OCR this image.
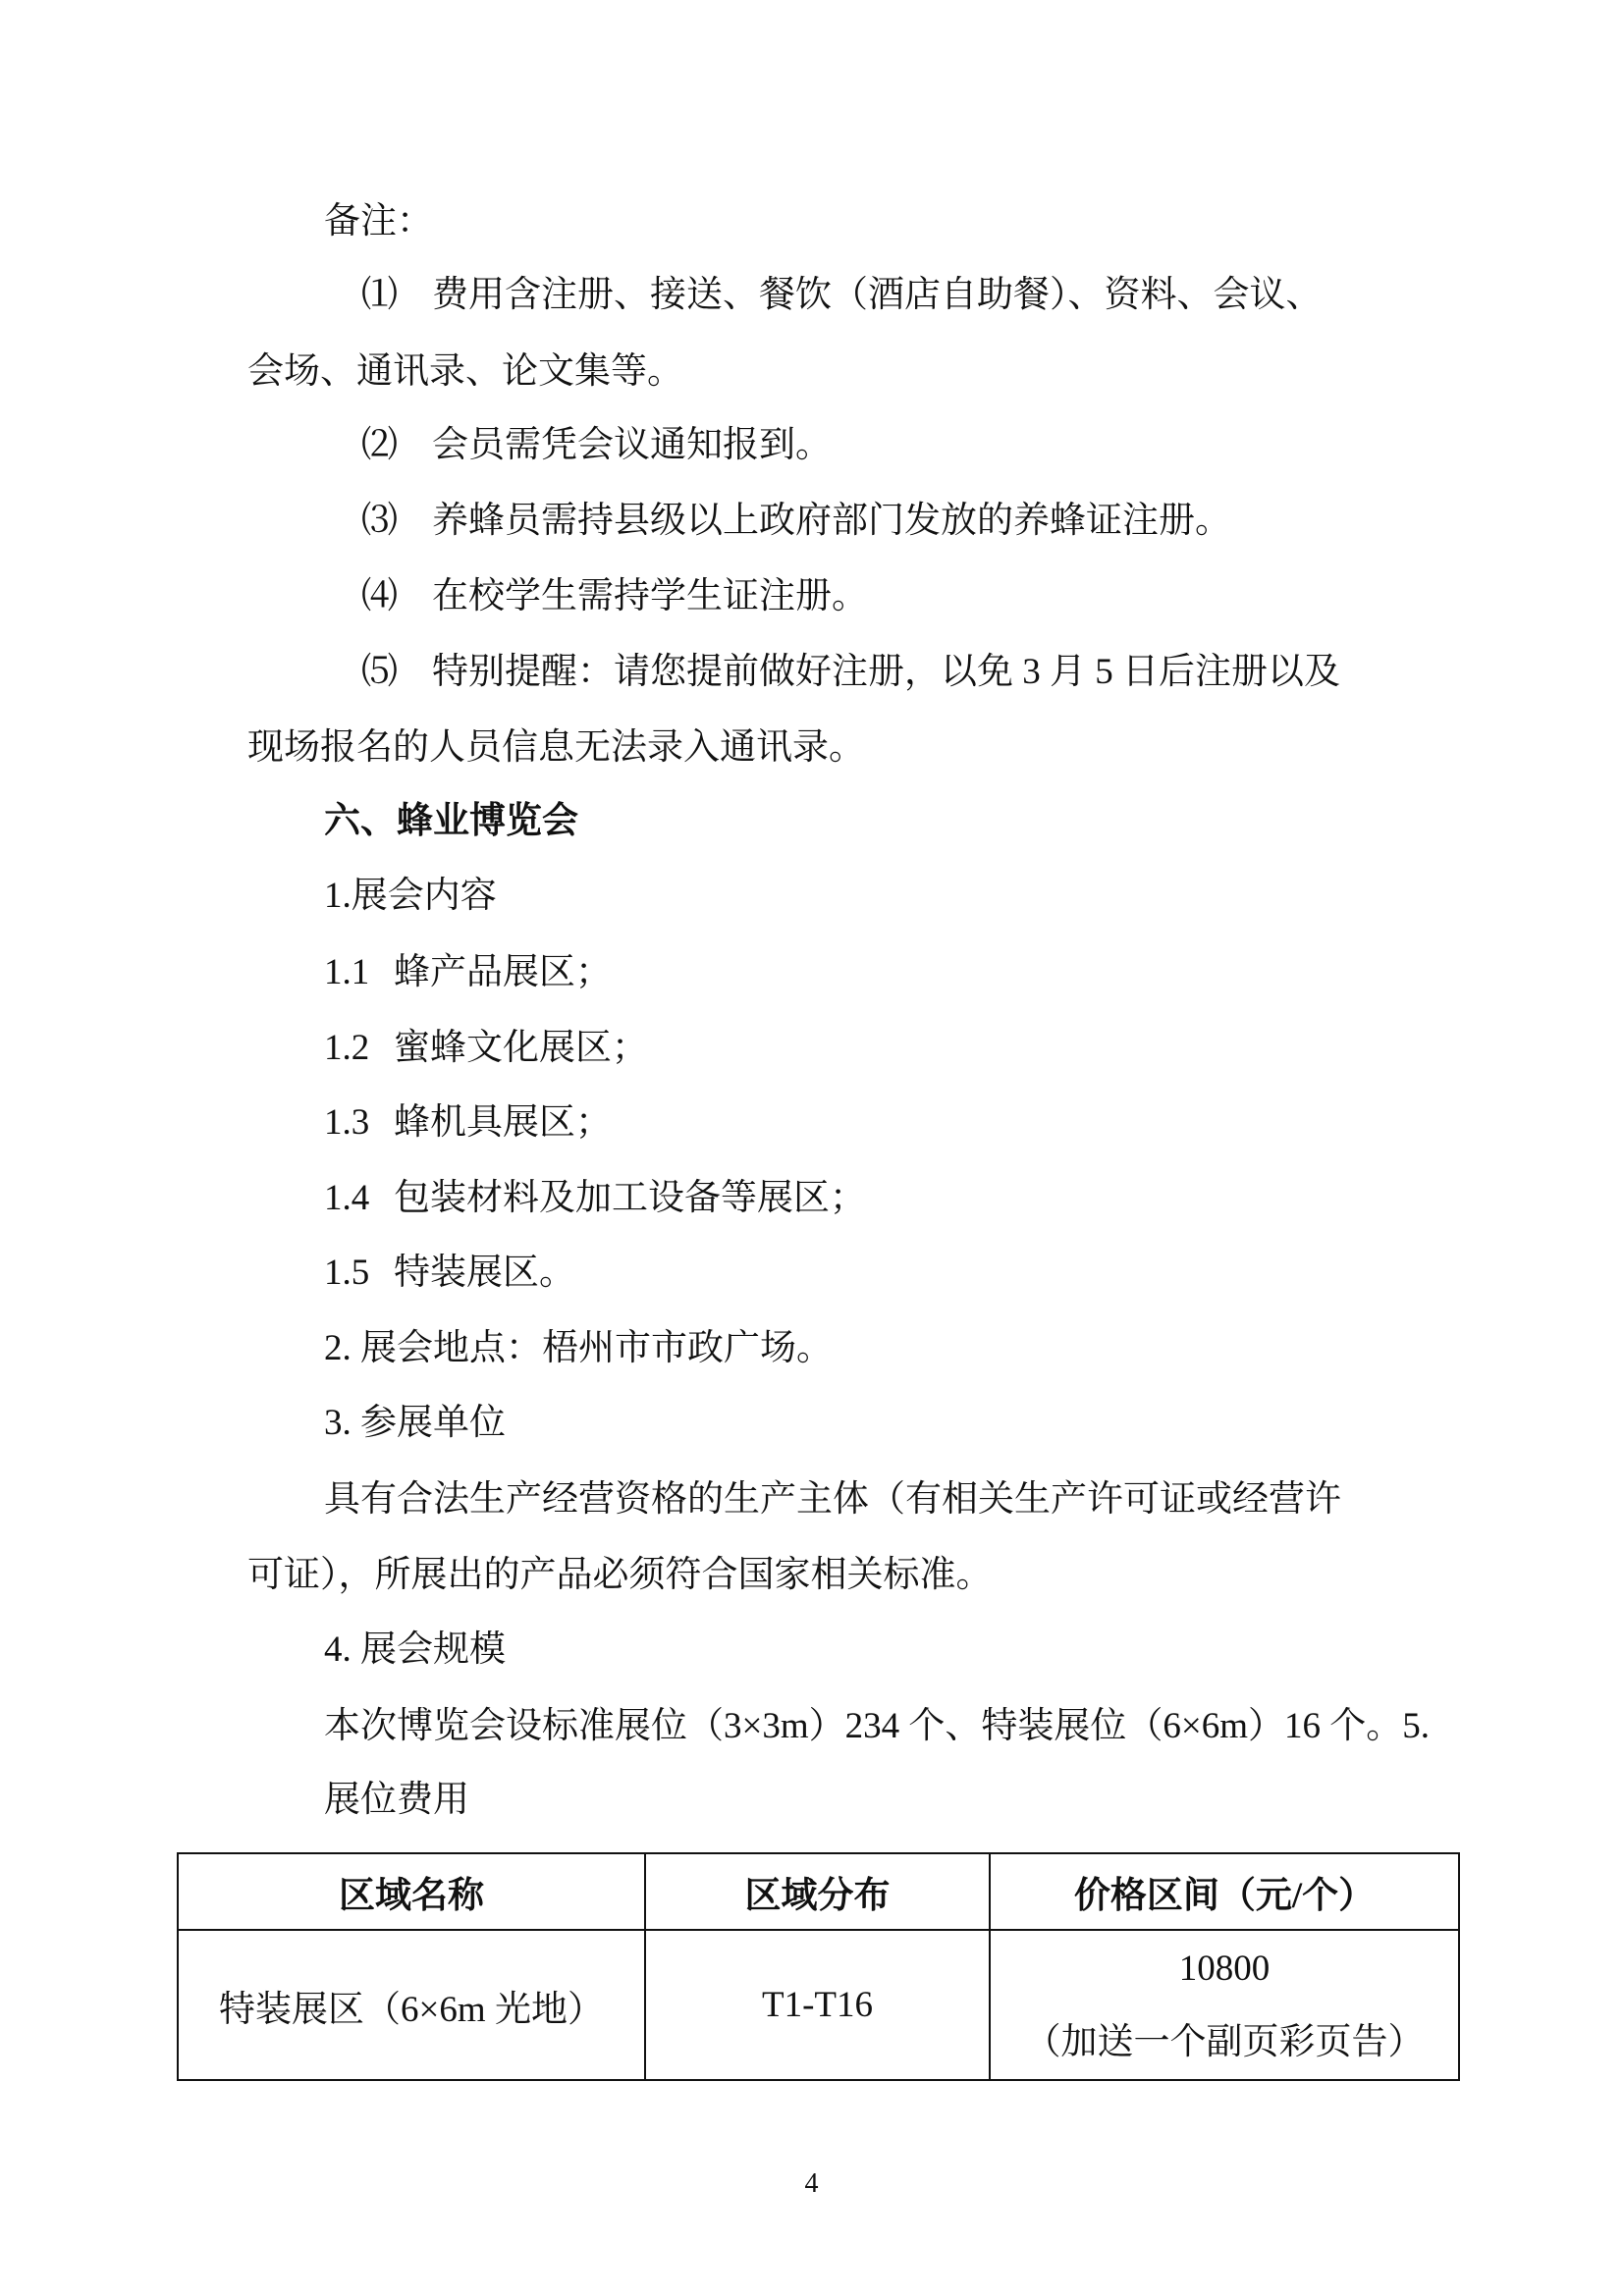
备注：
⑴ 费用含注册、接送、餐饮（酒店自助餐）、资料、会议、
会场、通讯录、论文集等。
⑵ 会员需凭会议通知报到。
⑶ 养蜂员需持县级以上政府部门发放的养蜂证注册。
⑷ 在校学生需持学生证注册。
⑸ 特别提醒：请您提前做好注册，以免 3 月 5 日后注册以及
现场报名的人员信息无法录入通讯录。
六、蜂业博览会
1.展会内容
1.1 蜂产品展区；
1.2 蜜蜂文化展区；
1.3 蜂机具展区；
1.4 包装材料及加工设备等展区；
1.5 特装展区。
2. 展会地点：梧州市市政广场。
3. 参展单位
具有合法生产经营资格的生产主体（有相关生产许可证或经营许
可证），所展出的产品必须符合国家相关标准。
4. 展会规模
本次博览会设标准展位（3×3m）234 个、特装展位（6×6m）16 个。5.
展位费用
区域名称	区域分布	价格区间（元/个）
特装展区（6×6m 光地）	T1-T16	10800
（加送一个副页彩页告）
4
